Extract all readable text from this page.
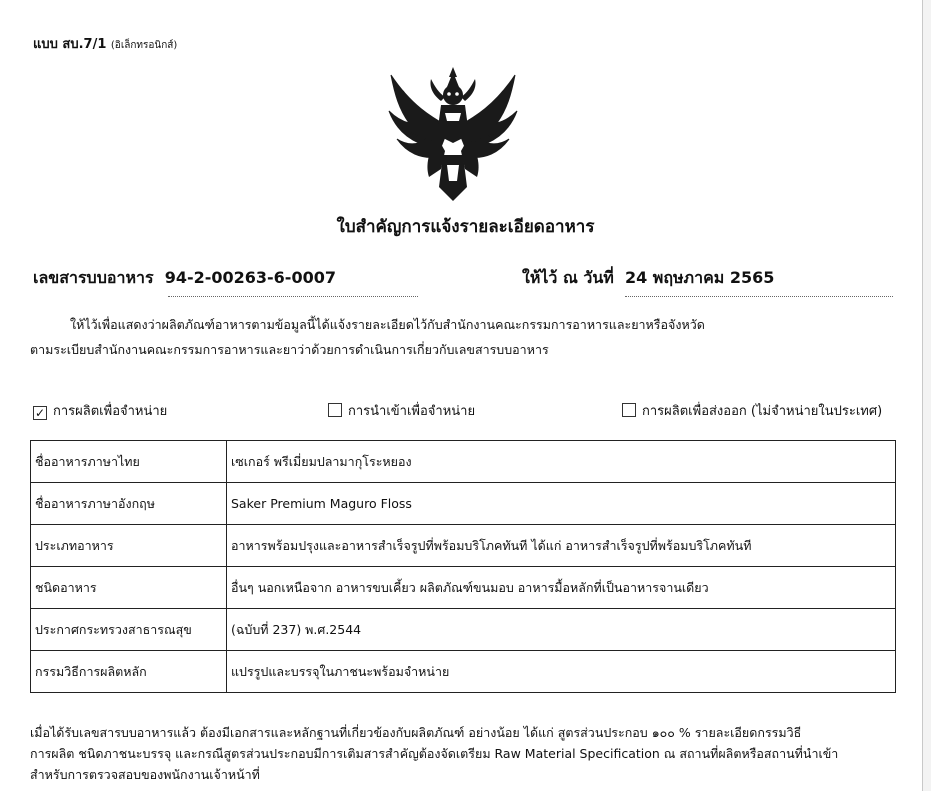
แบบ สบ.7/1 (อิเล็กทรอนิกส์)
ใบสำคัญการแจ้งรายละเอียดอาหาร
เลขสารบบอาหาร 94-2-00263-6-0007	ให้ไว้ ณ วันที่ 24 พฤษภาคม 2565
ให้ไว้เพื่อแสดงว่าผลิตภัณฑ์อาหารตามข้อมูลนี้ได้แจ้งรายละเอียดไว้กับสำนักงานคณะกรรมการอาหารและยาหรือจังหวัด
ตามระเบียบสำนักงานคณะกรรมการอาหารและยาว่าด้วยการดำเนินการเกี่ยวกับเลขสารบบอาหาร
✓ การผลิตเพื่อจำหน่าย	การนำเข้าเพื่อจำหน่าย	การผลิตเพื่อส่งออก (ไม่จำหน่ายในประเทศ)
ชื่ออาหารภาษาไทย	เซเกอร์ พรีเมี่ยมปลามากุโระหยอง
ชื่ออาหารภาษาอังกฤษ	Saker Premium Maguro Floss
ประเภทอาหาร	อาหารพร้อมปรุงและอาหารสำเร็จรูปที่พร้อมบริโภคทันที ได้แก่ อาหารสำเร็จรูปที่พร้อมบริโภคทันที
ชนิดอาหาร	อื่นๆ นอกเหนือจาก อาหารขบเคี้ยว ผลิตภัณฑ์ขนมอบ อาหารมื้อหลักที่เป็นอาหารจานเดียว
ประกาศกระทรวงสาธารณสุข	(ฉบับที่ 237) พ.ศ.2544
กรรมวิธีการผลิตหลัก	แปรรูปและบรรจุในภาชนะพร้อมจำหน่าย
เมื่อได้รับเลขสารบบอาหารแล้ว ต้องมีเอกสารและหลักฐานที่เกี่ยวข้องกับผลิตภัณฑ์ อย่างน้อย ได้แก่ สูตรส่วนประกอบ ๑๐๐ % รายละเอียดกรรมวิธี
การผลิต ชนิดภาชนะบรรจุ และกรณีสูตรส่วนประกอบมีการเติมสารสำคัญต้องจัดเตรียม Raw Material Specification ณ สถานที่ผลิตหรือสถานที่นำเข้า
สำหรับการตรวจสอบของพนักงานเจ้าหน้าที่
